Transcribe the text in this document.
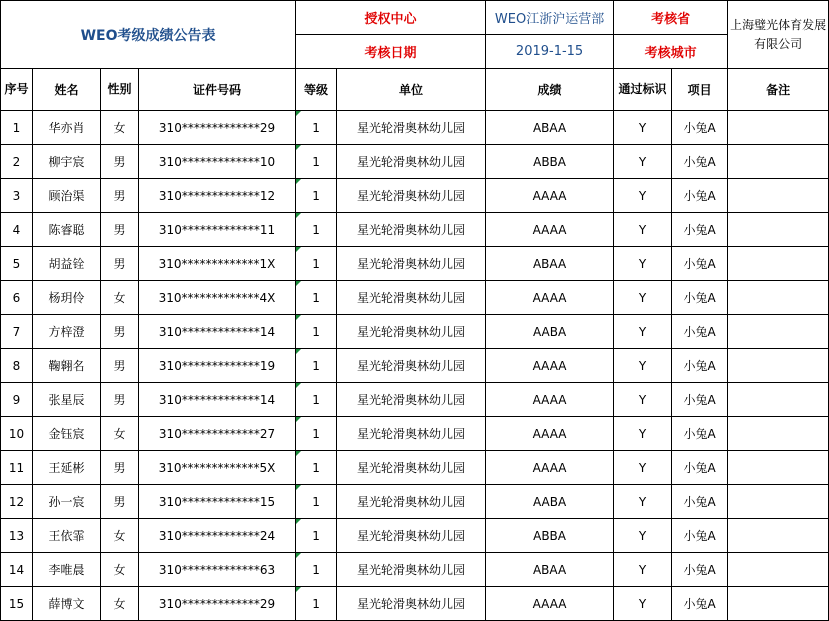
WEO考级成绩公告表				授权中心		WEO江浙沪运营部	考核省		上海璧光体育发展有限公司
				考核日期		2019-1-15	考核城市		
序号	姓名	性别	证件号码	等级	单位	成绩	通过标识	项目	备注
1	华亦肖	女	310*************29	1	星光轮滑奥林幼儿园	ABAA	Y	小兔A	
2	柳宇宸	男	310*************10	1	星光轮滑奥林幼儿园	ABBA	Y	小兔A	
3	顾治渠	男	310*************12	1	星光轮滑奥林幼儿园	AAAA	Y	小兔A	
4	陈睿聪	男	310*************11	1	星光轮滑奥林幼儿园	AAAA	Y	小兔A	
5	胡益铨	男	310*************1X	1	星光轮滑奥林幼儿园	ABAA	Y	小兔A	
6	杨玥伶	女	310*************4X	1	星光轮滑奥林幼儿园	AAAA	Y	小兔A	
7	方梓澄	男	310*************14	1	星光轮滑奥林幼儿园	AABA	Y	小兔A	
8	鞠翱名	男	310*************19	1	星光轮滑奥林幼儿园	AAAA	Y	小兔A	
9	张星辰	男	310*************14	1	星光轮滑奥林幼儿园	AAAA	Y	小兔A	
10	金钰宸	女	310*************27	1	星光轮滑奥林幼儿园	AAAA	Y	小兔A	
11	王延彬	男	310*************5X	1	星光轮滑奥林幼儿园	AAAA	Y	小兔A	
12	孙一宸	男	310*************15	1	星光轮滑奥林幼儿园	AABA	Y	小兔A	
13	王依霏	女	310*************24	1	星光轮滑奥林幼儿园	ABBA	Y	小兔A	
14	李唯晨	女	310*************63	1	星光轮滑奥林幼儿园	ABAA	Y	小兔A	
15	薛博文	女	310*************29	1	星光轮滑奥林幼儿园	AAAA	Y	小兔A	
